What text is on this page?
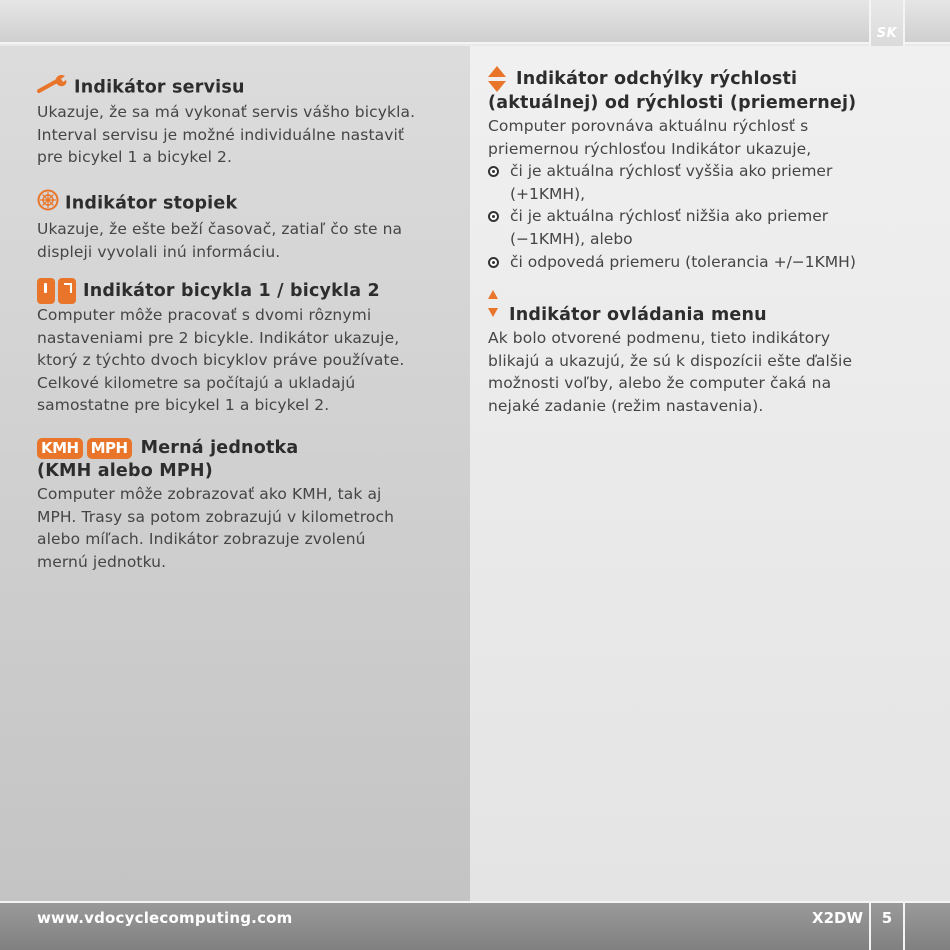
SK
Indikátor servisu
Ukazuje, že sa má vykonať servis vášho bicykla.
Interval servisu je možné individuálne nastaviť
pre bicykel 1 a bicykel 2.
Indikátor stopiek
Ukazuje, že ešte beží časovač, zatiaľ čo ste na
displeji vyvolali inú informáciu.
Indikátor bicykla 1 / bicykla 2
Computer môže pracovať s dvomi rôznymi
nastaveniami pre 2 bicykle. Indikátor ukazuje,
ktorý z týchto dvoch bicyklov práve používate.
Celkové kilometre sa počítajú a ukladajú
samostatne pre bicykel 1 a bicykel 2.
KMH MPH Merná jednotka
(KMH alebo MPH)
Computer môže zobrazovať ako KMH, tak aj
MPH. Trasy sa potom zobrazujú v kilometroch
alebo míľach. Indikátor zobrazuje zvolenú
mernú jednotku.
Indikátor odchýlky rýchlosti
(aktuálnej) od rýchlosti (priemernej)
Computer porovnáva aktuálnu rýchlosť s
priemernou rýchlosťou Indikátor ukazuje,
či je aktuálna rýchlosť vyššia ako priemer
(+1KMH),
či je aktuálna rýchlosť nižšia ako priemer
(−1KMH), alebo
či odpovedá priemeru (tolerancia +/−1KMH)
Indikátor ovládania menu
Ak bolo otvorené podmenu, tieto indikátory
blikajú a ukazujú, že sú k dispozícii ešte ďalšie
možnosti voľby, alebo že computer čaká na
nejaké zadanie (režim nastavenia).
www.vdocyclecomputing.com	X2DW	5
